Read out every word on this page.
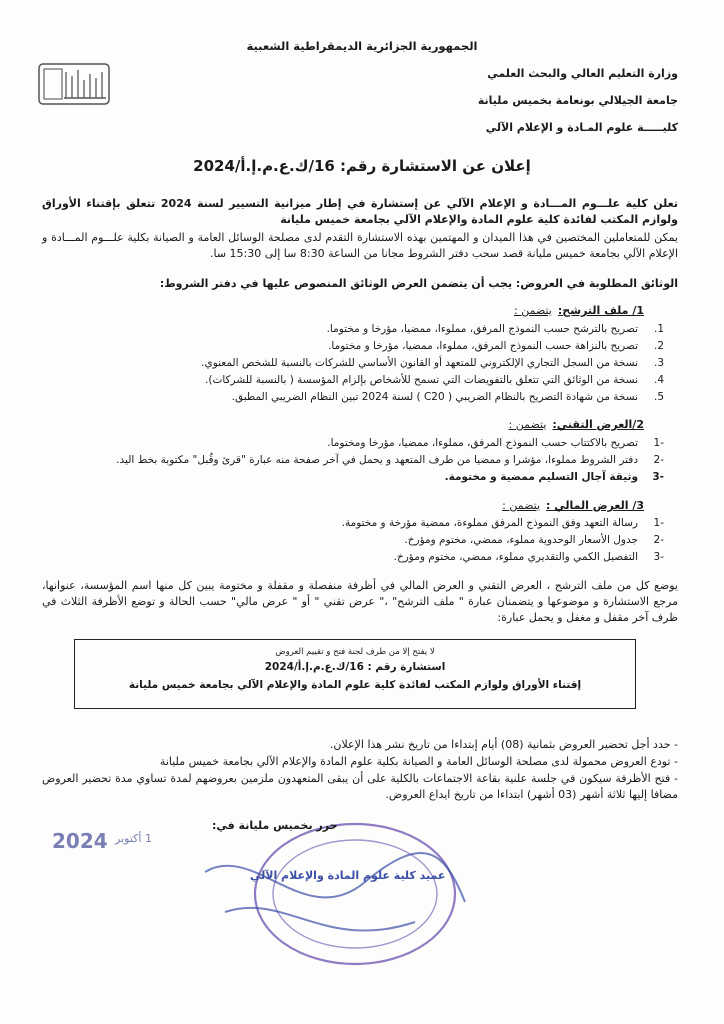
الجمهورية الجزائرية الديمقراطية الشعبية
وزارة التعليم العالي والبحث العلمي
جامعة الجيلالي بونعامة بخميس مليانة
كليـــــة علوم المـادة و الإعلام الآلي
إعلان عن الاستشارة رقم: 16/ك.ع.م.إ.أ/2024
تعلن كلية علـــوم المـــادة و الإعلام الآلي عن إستشارة في إطار ميزانية التسيير لسنة 2024 تتعلق بإقتناء الأوراق ولوازم المكتب لفائدة كلية علوم المادة والإعلام الآلي بجامعة خميس مليانة
يمكن للمتعاملين المختصين في هذا الميدان و المهتمين بهذه الاستشارة التقدم لدى مصلحة الوسائل العامة و الصيانة بكلية علـــوم المـــادة و الإعلام الآلي بجامعة خميس مليانة قصد سحب دفتر الشروط مجانا من الساعة 8:30 سا إلى 15:30 سا.
الوثائق المطلوبة في العروض: يجب أن يتضمن العرض الوثائق المنصوص عليها في دفتر الشروط:
1/ ملف الترشح:يتضمن :
1.تصريح بالترشح حسب النموذج المرفق، مملوءا، ممضيا، مؤرخا و مختوما.
2.تصريح بالنزاهة حسب النموذج المرفق، مملوءا، ممضيا، مؤرخا و مختوما.
3.نسخة من السجل التجاري الإلكتروني للمتعهد أو القانون الأساسي للشركات بالنسبة للشخص المعنوي.
4.نسخة من الوثائق التي تتعلق بالتفويضات التي تسمح للأشخاص بإلزام المؤسسة ( بالنسبة للشركات).
5.نسخة من شهادة التصريح بالنظام الضريبي ( C20 ) لسنة 2024 تبين النظام الضريبي المطبق.
2/العرض التقني:يتضمن :
-1تصريح بالاكتتاب حسب النموذج المرفق، مملوءا، ممضيا، مؤرخا ومختوما.
-2دفتر الشروط مملوءا، مؤشرا و ممضيا من طرف المتعهد و يحمل في آخر صفحة منه عبارة "قرئ وقُبل" مكتوبة بخط اليد.
-3وثيقة آجال التسليم ممضية و مختومة.
3/ العرض المالي :يتضمن :
-1رسالة التعهد وفق النموذج المرفق مملوءة، ممضية مؤرخة و مختومة.
-2جدول الأسعار الوحدوية مملوء، ممضي، مختوم ومؤرخ.
-3التفصيل الكمي والتقديري مملوء، ممضي، مختوم ومؤرخ.
يوضع كل من ملف الترشح ، العرض التقني و العرض المالي في أظرفة منفصلة و مقفلة و مختومة يبين كل منها اسم المؤسسة، عنوانها، مرجع الاستشارة و موضوعها و يتضمنان عبارة " ملف الترشح" ،" عرض تقني " أو " عرض مالي" حسب الحالة و توضع الأظرفة الثلاث في ظرف آخر مقفل و مغفل و يحمل عبارة:
لا يفتح إلا من طرف لجنة فتح و تقييم العروض
استشارة رقم : 16/ك.ع.م.إ.أ/2024
إقتناء الأوراق ولوازم المكتب لفائدة كلية علوم المادة والإعلام الآلي بجامعة خميس مليانة
- حدد أجل تحضير العروض بثمانية (08) أيام إبتداءا من تاريخ نشر هذا الإعلان.
- تودع العروض محمولة لدى مصلحة الوسائل العامة و الصيانة بكلية علوم المادة والإعلام الآلي بجامعة خميس مليانة
- فتح الأظرفة سيكون في جلسة علنية بقاعة الاجتماعات بالكلية على أن يبقى المتعهدون ملزمين بعروضهم لمدة تساوي مدة تحضير العروض مضافا إليها ثلاثة أشهر (03 أشهر) ابتداءا من تاريخ ايداع العروض.
2024 1 أكتوبر
حرر بخميس مليانة في:
عميد كلية علوم المادة والإعلام الآلي
